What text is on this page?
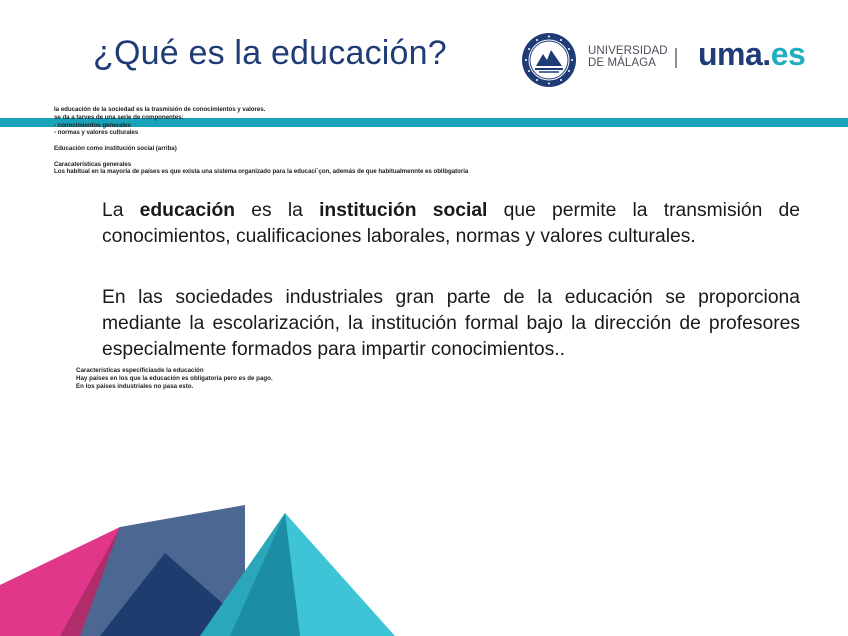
¿Qué es la educación?	UNIVERSIDAD
DE MÁLAGA	uma.es
la educación de la sociedad es la trasmisión de conocimientos y valores.
se da a tarves de una serie de componentes:
- conocimientos generales
- normas y valores culturales
Educación como institución social (arriba)
Caracaterísticas generales
Los habitual en la mayoría de países es que exista una sistema organizado para la educaci´çon, además de que habitualmennte es oblibgatoria

La educación es la institución social que permite la transmisión de conocimientos, cualificaciones laborales, normas y valores culturales.

En las sociedades industriales gran parte de la educación se proporciona mediante la escolarización, la institución formal bajo la dirección de profesores especialmente formados para impartir conocimientos..

Características especificiasde la educación
Hay países en los que la educación es obligatoria pero es de pago.
En los países industriales no pasa esto.
